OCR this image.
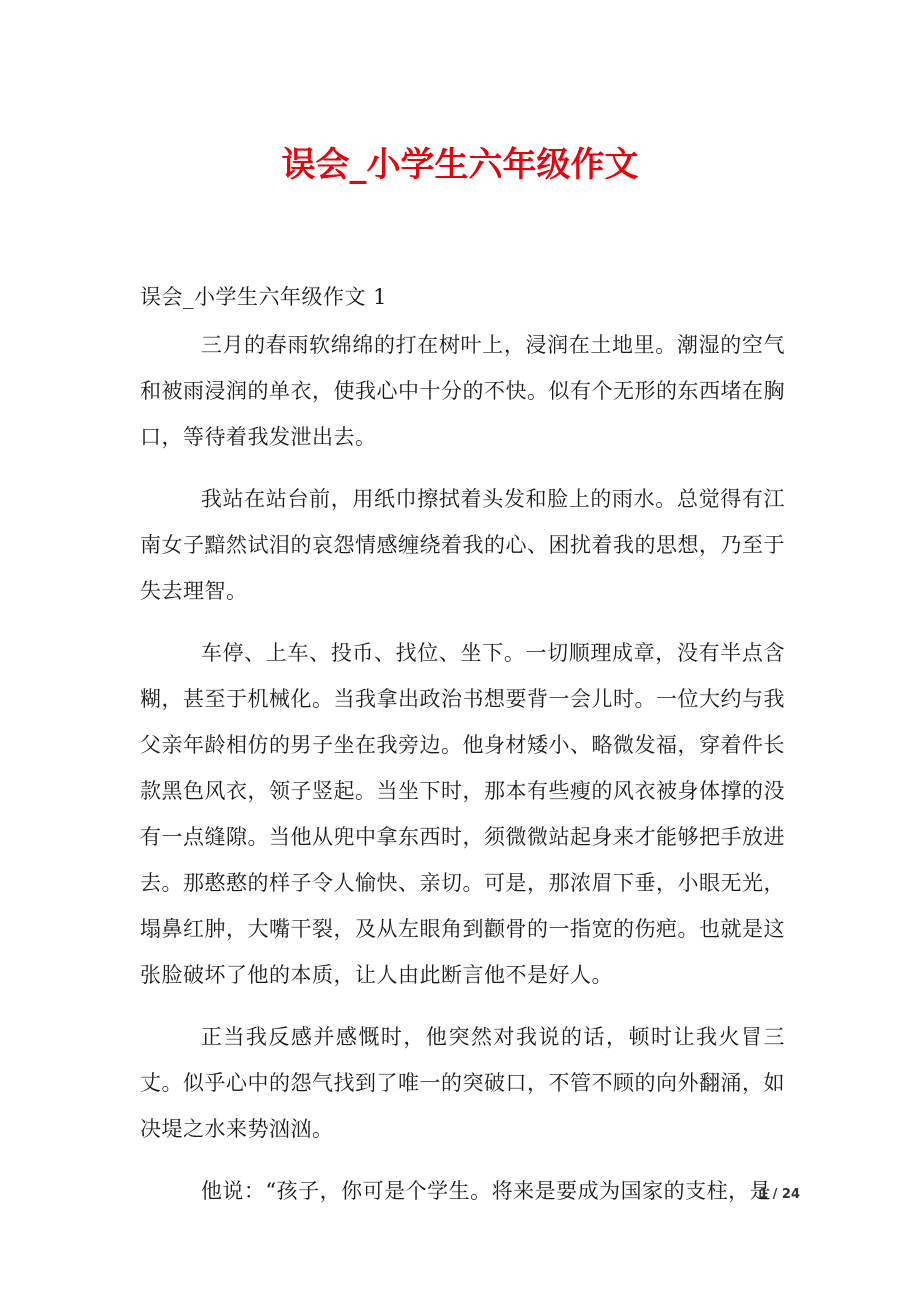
误会_小学生六年级作文

误会_小学生六年级作文 1

三月的春雨软绵绵的打在树叶上，浸润在土地里。潮湿的空气和被雨浸润的单衣，使我心中十分的不快。似有个无形的东西堵在胸口，等待着我发泄出去。

我站在站台前，用纸巾擦拭着头发和脸上的雨水。总觉得有江南女子黯然试泪的哀怨情感缠绕着我的心、困扰着我的思想，乃至于失去理智。

车停、上车、投币、找位、坐下。一切顺理成章，没有半点含糊，甚至于机械化。当我拿出政治书想要背一会儿时。一位大约与我父亲年龄相仿的男子坐在我旁边。他身材矮小、略微发福，穿着件长款黑色风衣，领子竖起。当坐下时，那本有些瘦的风衣被身体撑的没有一点缝隙。当他从兜中拿东西时，须微微站起身来才能够把手放进去。那憨憨的样子令人愉快、亲切。可是，那浓眉下垂，小眼无光，塌鼻红肿，大嘴干裂，及从左眼角到颧骨的一指宽的伤疤。也就是这张脸破坏了他的本质，让人由此断言他不是好人。

正当我反感并感慨时，他突然对我说的话，顿时让我火冒三丈。似乎心中的怨气找到了唯一的突破口，不管不顾的向外翻涌，如决堤之水来势汹汹。

他说：“孩子，你可是个学生。将来是要成为国家的支柱，是

1 / 24
